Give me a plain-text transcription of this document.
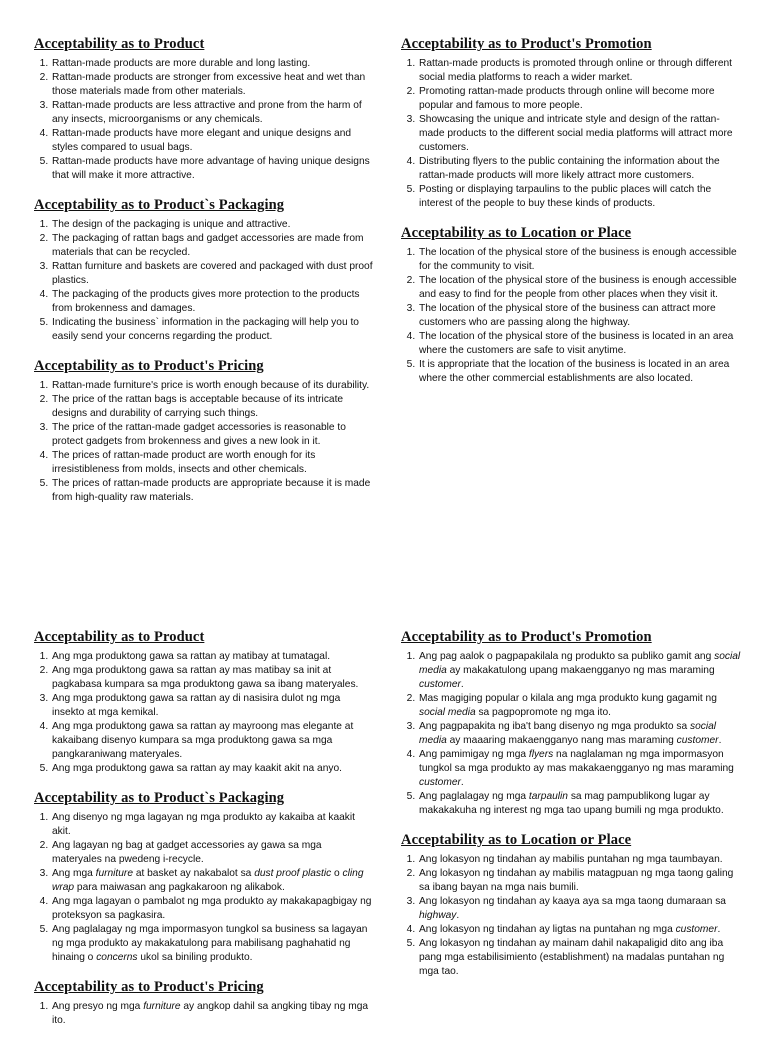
Acceptability as to Product
1. Rattan-made products are more durable and long lasting.
2. Rattan-made products are stronger from excessive heat and wet than those materials made from other materials.
3. Rattan-made products are less attractive and prone from the harm of any insects, microorganisms or any chemicals.
4. Rattan-made products have more elegant and unique designs and styles compared to usual bags.
5. Rattan-made products have more advantage of having unique designs that will make it more attractive.
Acceptability as to Product`s Packaging
1. The design of the packaging is unique and attractive.
2. The packaging of rattan bags and gadget accessories are made from materials that can be recycled.
3. Rattan furniture and baskets are covered and packaged with dust proof plastics.
4. The packaging of the products gives more protection to the products from brokenness and damages.
5. Indicating the business` information in the packaging will help you to easily send your concerns regarding the product.
Acceptability as to Product's Pricing
1. Rattan-made furniture's price is worth enough because of its durability.
2. The price of the rattan bags is acceptable because of its intricate designs and durability of carrying such things.
3. The price of the rattan-made gadget accessories is reasonable to protect gadgets from brokenness and gives a new look in it.
4. The prices of rattan-made product are worth enough for its irresistibleness from molds, insects and other chemicals.
5. The prices of rattan-made products are appropriate because it is made from high-quality raw materials.
Acceptability as to Product's Promotion
1. Rattan-made products is promoted through online or through different social media platforms to reach a wider market.
2. Promoting rattan-made products through online will become more popular and famous to more people.
3. Showcasing the unique and intricate style and design of the rattan-made products to the different social media platforms will attract more customers.
4. Distributing flyers to the public containing the information about the rattan-made products will more likely attract more customers.
5. Posting or displaying tarpaulins to the public places will catch the interest of the people to buy these kinds of products.
Acceptability as to Location or Place
1. The location of the physical store of the business is enough accessible for the community to visit.
2. The location of the physical store of the business is enough accessible and easy to find for the people from other places when they visit it.
3. The location of the physical store of the business can attract more customers who are passing along the highway.
4. The location of the physical store of the business is located in an area where the customers are safe to visit anytime.
5. It is appropriate that the location of the business is located in an area where the other commercial establishments are also located.
Acceptability as to Product
1. Ang mga produktong gawa sa rattan ay matibay at tumatagal.
2. Ang mga produktong gawa sa rattan ay mas matibay sa init at pagkabasa kumpara sa mga produktong gawa sa ibang materyales.
3. Ang mga produktong gawa sa rattan ay di nasisira dulot ng mga insekto at mga kemikal.
4. Ang mga produktong gawa sa rattan ay mayroong mas elegante at kakaibang disenyo kumpara sa mga produktong gawa sa mga pangkaraniwang materyales.
5. Ang mga produktong gawa sa rattan ay may kaakit akit na anyo.
Acceptability as to Product`s Packaging
1. Ang disenyo ng mga lagayan ng mga produkto ay kakaiba at kaakit akit.
2. Ang lagayan ng bag at gadget accessories ay gawa sa mga materyales na pwedeng i-recycle.
3. Ang mga furniture at basket ay nakabalot sa dust proof plastic o cling wrap para maiwasan ang pagkakaroon ng alikabok.
4. Ang mga lagayan o pambalot ng mga produkto ay makakapagbigay ng proteksyon sa pagkasira.
5. Ang paglalagay ng mga impormasyon tungkol sa business sa lagayan ng mga produkto ay makakatulong para mabilisang paghahatid ng hinaing o concerns ukol sa biniling produkto.
Acceptability as to Product's Pricing
1. Ang presyo ng mga furniture ay angkop dahil sa angking tibay ng mga ito.
Acceptability as to Product's Promotion
1. Ang pag aalok o pagpapakilala ng produkto sa publiko gamit ang social media ay makakatulong upang makaengganyo ng mas maraming customer.
2. Mas magiging popular o kilala ang mga produkto kung gagamit ng social media sa pagpopromote ng mga ito.
3. Ang pagpapakita ng iba't bang disenyo ng mga produkto sa social media ay maaaring makaengganyo nang mas maraming customer.
4. Ang pamimigay ng mga flyers na naglalaman ng mga impormasyon tungkol sa mga produkto ay mas makakaengganyo ng mas maraming customer.
5. Ang paglalagay ng mga tarpaulin sa mag pampublikong lugar ay makakakuha ng interest ng mga tao upang bumili ng mga produkto.
Acceptability as to Location or Place
1. Ang lokasyon ng tindahan ay mabilis puntahan ng mga taumbayan.
2. Ang lokasyon ng tindahan ay mabilis matagpuan ng mga taong galing sa ibang bayan na mga nais bumili.
3. Ang lokasyon ng tindahan ay kaaya aya sa mga taong dumaraan sa highway.
4. Ang lokasyon ng tindahan ay ligtas na puntahan ng mga customer.
5. Ang lokasyon ng tindahan ay mainam dahil nakapaligid dito ang iba pang mga estabilisimiento (establishment) na madalas puntahan ng mga tao.
